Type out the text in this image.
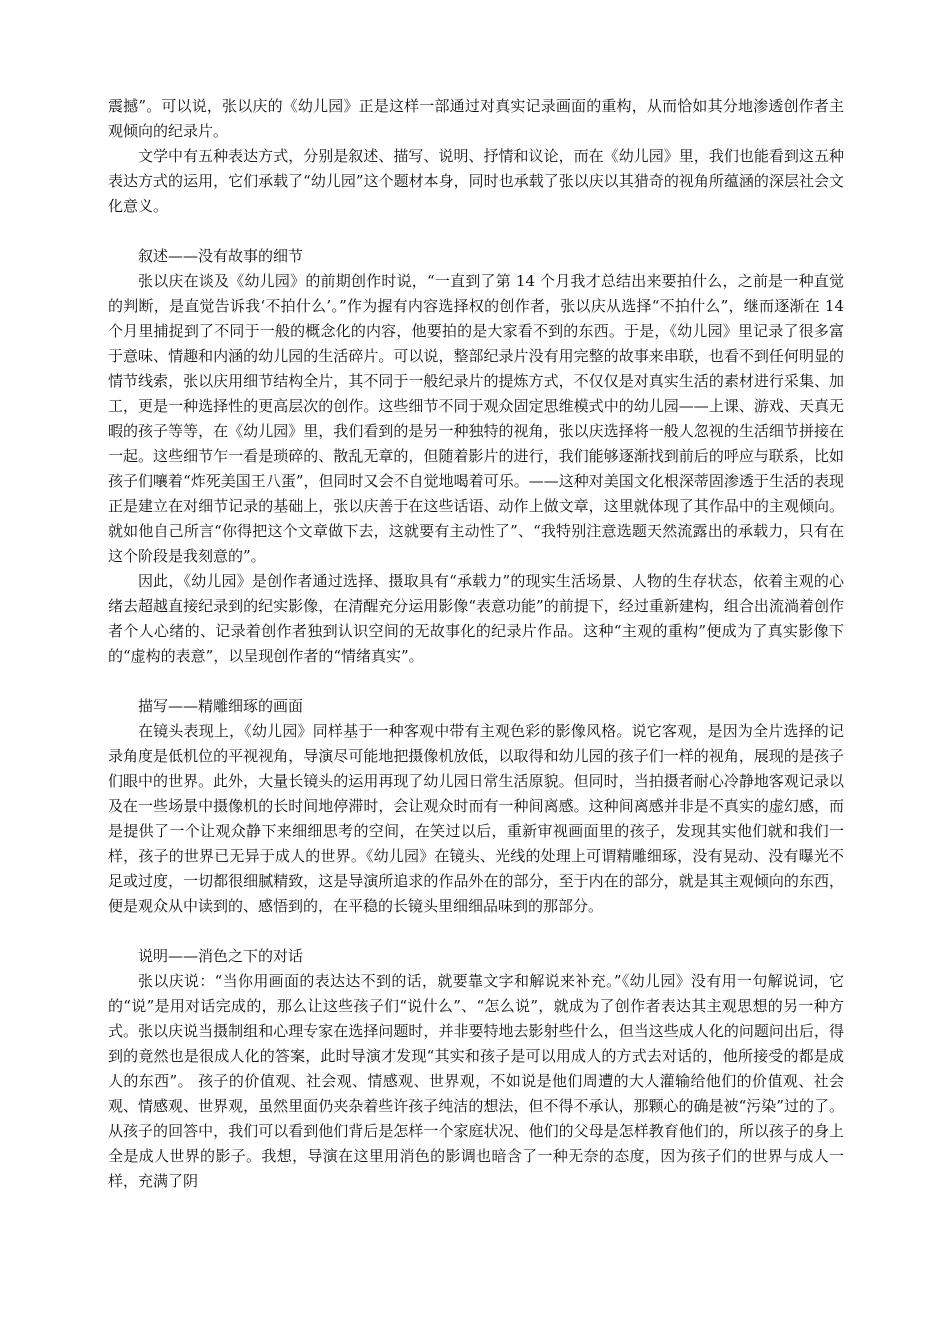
震撼”。可以说，张以庆的《幼儿园》正是这样一部通过对真实记录画面的重构，从而恰如其分地渗透创作者主观倾向的纪录片。

文学中有五种表达方式，分别是叙述、描写、说明、抒情和议论，而在《幼儿园》里，我们也能看到这五种表达方式的运用，它们承载了“幼儿园”这个题材本身，同时也承载了张以庆以其猎奇的视角所蕴涵的深层社会文化意义。

叙述——没有故事的细节

张以庆在谈及《幼儿园》的前期创作时说，“一直到了第 14 个月我才总结出来要拍什么，之前是一种直觉的判断，是直觉告诉我‘不拍什么’。”作为握有内容选择权的创作者，张以庆从选择“不拍什么”，继而逐渐在 14 个月里捕捉到了不同于一般的概念化的内容，他要拍的是大家看不到的东西。于是，《幼儿园》里记录了很多富于意味、情趣和内涵的幼儿园的生活碎片。可以说，整部纪录片没有用完整的故事来串联，也看不到任何明显的情节线索，张以庆用细节结构全片，其不同于一般纪录片的提炼方式，不仅仅是对真实生活的素材进行采集、加工，更是一种选择性的更高层次的创作。这些细节不同于观众固定思维模式中的幼儿园——上课、游戏、天真无暇的孩子等等，在《幼儿园》里，我们看到的是另一种独特的视角，张以庆选择将一般人忽视的生活细节拼接在一起。这些细节乍一看是琐碎的、散乱无章的，但随着影片的进行，我们能够逐渐找到前后的呼应与联系，比如孩子们嚷着“炸死美国王八蛋”，但同时又会不自觉地喝着可乐。——这种对美国文化根深蒂固渗透于生活的表现正是建立在对细节记录的基础上，张以庆善于在这些话语、动作上做文章，这里就体现了其作品中的主观倾向。就如他自己所言“你得把这个文章做下去，这就要有主动性了”、“我特别注意选题天然流露出的承载力，只有在这个阶段是我刻意的”。

因此，《幼儿园》是创作者通过选择、摄取具有“承载力”的现实生活场景、人物的生存状态，依着主观的心绪去超越直接纪录到的纪实影像，在清醒充分运用影像“表意功能”的前提下，经过重新建构，组合出流淌着创作者个人心绪的、记录着创作者独到认识空间的无故事化的纪录片作品。这种“主观的重构”便成为了真实影像下的“虚构的表意”，以呈现创作者的“情绪真实”。

描写——精雕细琢的画面

在镜头表现上，《幼儿园》同样基于一种客观中带有主观色彩的影像风格。说它客观，是因为全片选择的记录角度是低机位的平视视角，导演尽可能地把摄像机放低，以取得和幼儿园的孩子们一样的视角，展现的是孩子们眼中的世界。此外，大量长镜头的运用再现了幼儿园日常生活原貌。但同时，当拍摄者耐心冷静地客观记录以及在一些场景中摄像机的长时间地停滞时，会让观众时而有一种间离感。这种间离感并非是不真实的虚幻感，而是提供了一个让观众静下来细细思考的空间，在笑过以后，重新审视画面里的孩子，发现其实他们就和我们一样，孩子的世界已无异于成人的世界。《幼儿园》在镜头、光线的处理上可谓精雕细琢，没有晃动、没有曝光不足或过度，一切都很细腻精致，这是导演所追求的作品外在的部分，至于内在的部分，就是其主观倾向的东西，便是观众从中读到的、感悟到的，在平稳的长镜头里细细品味到的那部分。

说明——消色之下的对话

张以庆说：“当你用画面的表达达不到的话，就要靠文字和解说来补充。”《幼儿园》没有用一句解说词，它的“说”是用对话完成的，那么让这些孩子们“说什么”、“怎么说”，就成为了创作者表达其主观思想的另一种方式。张以庆说当摄制组和心理专家在选择问题时，并非要特地去影射些什么，但当这些成人化的问题问出后，得到的竟然也是很成人化的答案，此时导演才发现“其实和孩子是可以用成人的方式去对话的，他所接受的都是成人的东西”。 孩子的价值观、社会观、情感观、世界观，不如说是他们周遭的大人灌输给他们的价值观、社会观、情感观、世界观，虽然里面仍夹杂着些许孩子纯洁的想法，但不得不承认，那颗心的确是被“污染”过的了。从孩子的回答中，我们可以看到他们背后是怎样一个家庭状况、他们的父母是怎样教育他们的，所以孩子的身上全是成人世界的影子。我想，导演在这里用消色的影调也暗含了一种无奈的态度，因为孩子们的世界与成人一样，充满了阴
